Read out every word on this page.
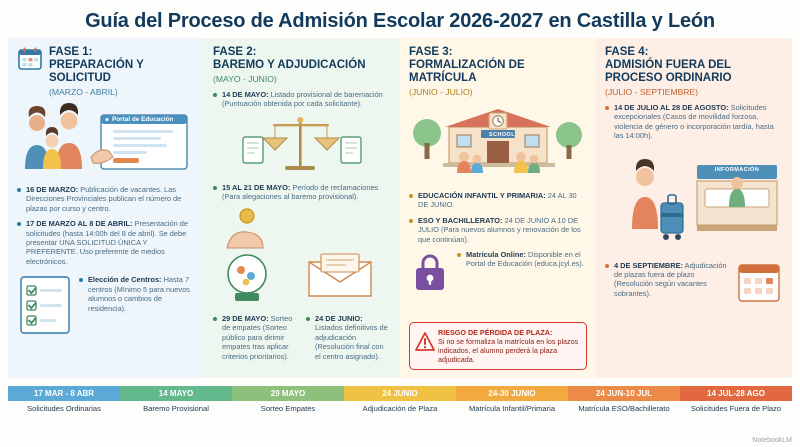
Guía del Proceso de Admisión Escolar 2026-2027 en Castilla y León
FASE 1:
PREPARACIÓN Y SOLICITUD
(MARZO - ABRIL)
Portal de Educación
16 DE MARZO: Publicación de vacantes. Las Direcciones Provinciales publican el número de plazas por curso y centro.
17 DE MARZO AL 8 DE ABRIL: Presentación de solicitudes (hasta 14:00h del 8 de abril). Se debe presentar UNA SOLICITUD ÚNICA Y PREFERENTE. Uso preferente de medios electrónicos.
Elección de Centros: Hasta 7 centros (Mínimo 5 para nuevos alumnos o cambios de residencia).
FASE 2:
BAREMO Y ADJUDICACIÓN
(MAYO - JUNIO)
14 DE MAYO: Listado provisional de baremación (Puntuación obtenida por cada solicitante).
15 AL 21 DE MAYO: Período de reclamaciones (Para alegaciones al baremo provisional).
29 DE MAYO: Sorteo de empates (Sorteo público para dirimir empates tras aplicar criterios prioritarios).
24 DE JUNIO: Listados definitivos de adjudicación (Resolución final con el centro asignado).
FASE 3:
FORMALIZACIÓN DE MATRÍCULA
(JUNIO - JULIO)
SCHOOL
EDUCACIÓN INFANTIL Y PRIMARIA: 24 AL 30 DE JUNIO.
ESO Y BACHILLERATO: 24 DE JUNIO A 10 DE JULIO (Para nuevos alumnos y renovación de los que continúan).
Matrícula Online: Disponible en el Portal de Educación (educa.jcyl.es).
RIESGO DE PÉRDIDA DE PLAZA:
Si no se formaliza la matrícula en los plazos indicados, el alumno perderá la plaza adjudicada.
FASE 4:
ADMISIÓN FUERA DEL PROCESO ORDINARIO
(JULIO - SEPTIEMBRE)
14 DE JULIO AL 28 DE AGOSTO: Solicitudes excepcionales (Casos de movilidad forzosa, violencia de género o incorporación tardía, hasta las 14:00h).
INFORMACIÓN
4 DE SEPTIEMBRE: Adjudicación de plazas fuera de plazo (Resolución según vacantes sobrantes).
17 MAR - 8 ABR
Solicitudes Ordinarias
14 MAYO
Baremo Provisional
29 MAYO
Sorteo Empates
24 JUNIO
Adjudicación de Plaza
24-30 JUNIO
Matrícula Infantil/Primaria
24 JUN-10 JUL
Matrícula ESO/Bachillerato
14 JUL-28 AGO
Solicitudes Fuera de Plazo
NotebookLM
